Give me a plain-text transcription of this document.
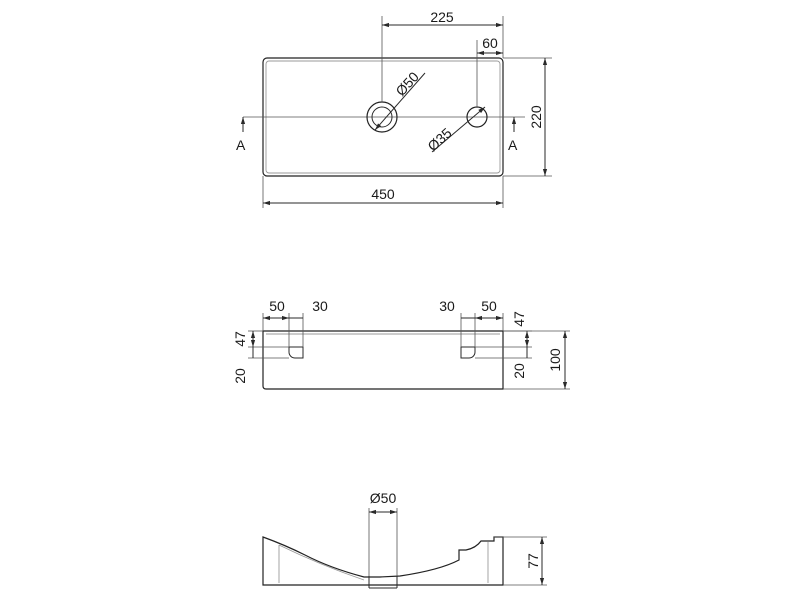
225
60
Ø50
Ø35
220
450
A	A
50 30	30 50
47
20
47
20 100
Ø50
77
